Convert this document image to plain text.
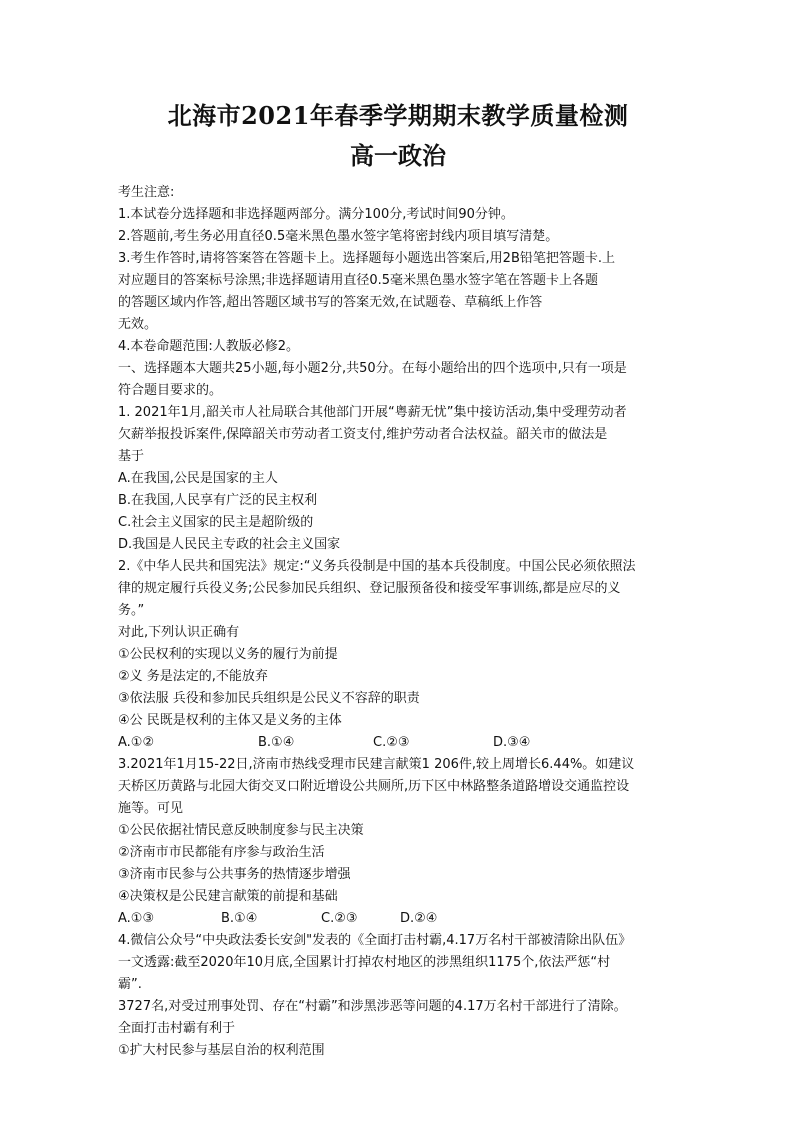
北海市2021年春季学期期末教学质量检测
高一政治
考生注意:
1.本试卷分选择题和非选择题两部分。满分100分,考试时间90分钟。
2.答题前,考生务必用直径0.5毫米黑色墨水签字笔将密封线内项目填写清楚。
3.考生作答时,请将答案答在答题卡上。选择题每小题选出答案后,用2B铅笔把答题卡.上
对应题目的答案标号涂黑;非选择题请用直径0.5毫米黑色墨水签字笔在答题卡上各题
的答题区域内作答,超出答题区域书写的答案无效,在试题卷、草稿纸上作答
无效。
4.本卷命题范围:人教版必修2。
一、选择题本大题共25小题,每小题2分,共50分。在每小题给出的四个选项中,只有一项是
符合题目要求的。
1. 2021年1月,韶关市人社局联合其他部门开展“粤薪无忧”集中接访活动,集中受理劳动者
欠薪举报投诉案件,保障韶关市劳动者工资支付,维护劳动者合法权益。韶关市的做法是
基于
A.在我国,公民是国家的主人
B.在我国,人民享有广泛的民主权利
C.社会主义国家的民主是超阶级的
D.我国是人民民主专政的社会主义国家
2.《中华人民共和国宪法》规定:“义务兵役制是中国的基本兵役制度。中国公民必须依照法
律的规定履行兵役义务;公民参加民兵组织、登记服预备役和接受军事训练,都是应尽的义
务。”
对此,下列认识正确有
①公民权利的实现以义务的履行为前提
②义 务是法定的,不能放弃
③依法服 兵役和参加民兵组织是公民义不容辞的职责
④公 民既是权利的主体又是义务的主体
A.①②	B.①④	C.②③	D.③④
3.2021年1月15-22日,济南市热线受理市民建言献策1 206件,较上周增长6.44%。如建议
天桥区历黄路与北园大街交叉口附近增设公共厕所,历下区中林路整条道路增设交通监控设
施等。可见
①公民依据社情民意反映制度参与民主决策
②济南市市民都能有序参与政治生活
③济南市民参与公共事务的热情逐步增强
④决策权是公民建言献策的前提和基础
A.①③	B.①④	C.②③	D.②④
4.微信公众号“中央政法委长安剑"发表的《全面打击村霸,4.17万名村干部被清除出队伍》
一文透露:截至2020年10月底,全国累计打掉农村地区的涉黑组织1175个,依法严惩“村
霸”.
3727名,对受过刑事处罚、存在“村霸”和涉黑涉恶等问题的4.17万名村干部进行了清除。
全面打击村霸有利于
①扩大村民参与基层自治的权利范围
